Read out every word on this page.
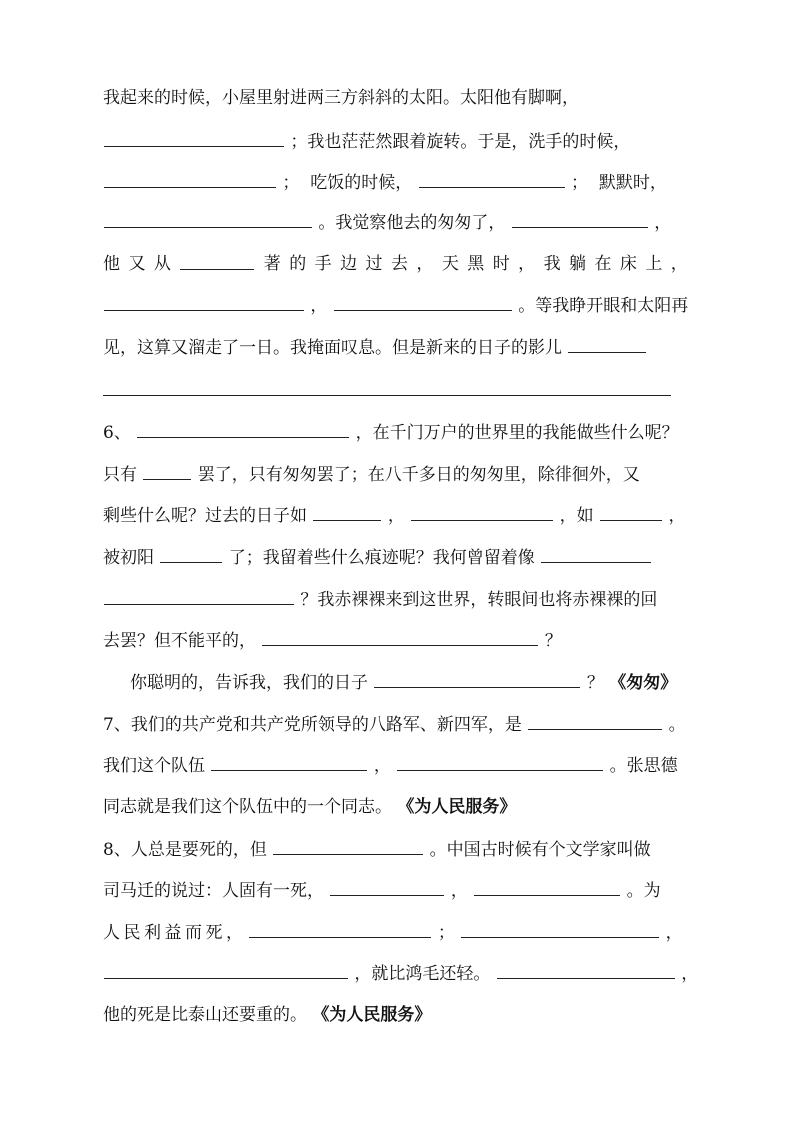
我起来的时候，小屋里射进两三方斜斜的太阳。太阳他有脚啊，
；我也茫茫然跟着旋转。于是，洗手的时候，
；  吃饭的时候，	；  默默时，
。我觉察他去的匆匆了，	，
他 又 从	著 的 手 边 过 去 ， 天 黑 时 ， 我 躺 在 床 上 ，
，	。等我睁开眼和太阳再
见，这算又溜走了一日。我掩面叹息。但是新来的日子的影儿
6、	，在千门万户的世界里的我能做些什么呢？
只有	罢了，只有匆匆罢了；在八千多日的匆匆里，除徘徊外，又
剩些什么呢？过去的日子如	，	，如	，
被初阳	了；我留着些什么痕迹呢？我何曾留着像
？我赤裸裸来到这世界，转眼间也将赤裸裸的回
去罢？但不能平的，	？
你聪明的，告诉我，我们的日子	？ 《匆匆》
7、我们的共产党和共产党所领导的八路军、新四军，是	。
我们这个队伍	，	。张思德
同志就是我们这个队伍中的一个同志。 《为人民服务》
8、人总是要死的，但	。中国古时候有个文学家叫做
司马迁的说过：人固有一死，	，	。为
人 民 利 益 而 死 ，	；	，
，就比鸿毛还轻。	，
他的死是比泰山还要重的。 《为人民服务》
